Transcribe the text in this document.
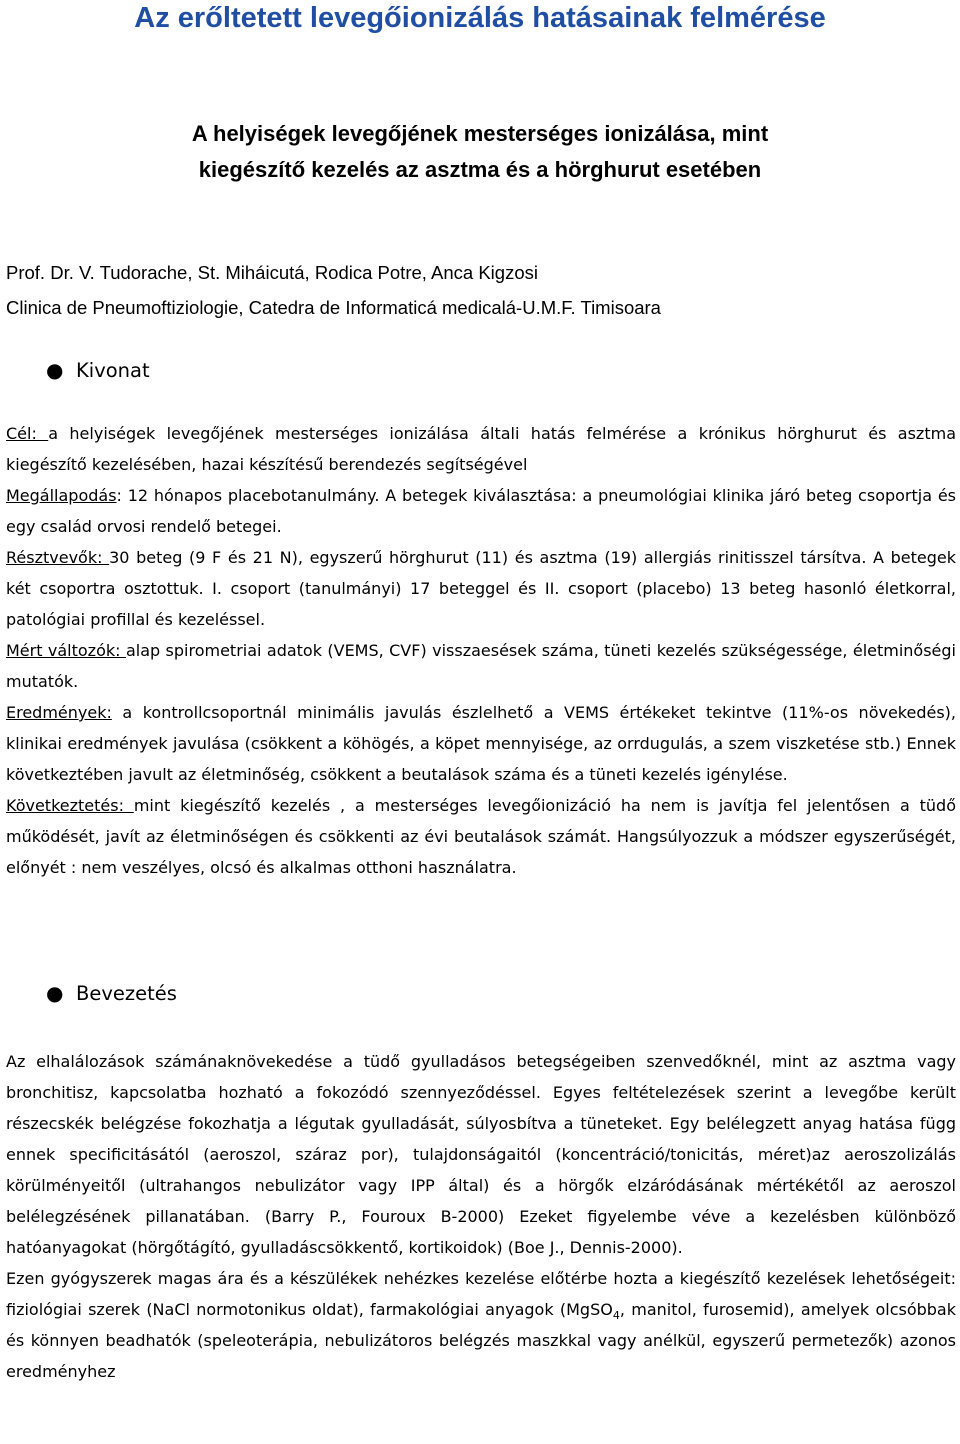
Az erőltetett levegőionizálás hatásainak felmérése
A helyiségek levegőjének mesterséges ionizálása, mint
kiegészítő kezelés az asztma és a hörghurut esetében
Prof. Dr. V. Tudorache, St. Miháicutá, Rodica Potre, Anca Kigzosi
Clinica de Pneumoftiziologie, Catedra de Informaticá medicalá-U.M.F. Timisoara
● Kivonat

Cél: a helyiségek levegőjének mesterséges ionizálása általi hatás felmérése a krónikus hörghurut és asztma kiegészítő kezelésében, hazai készítésű berendezés segítségével

Megállapodás: 12 hónapos placebotanulmány. A betegek kiválasztása: a pneumológiai klinika járó beteg csoportja és egy család orvosi rendelő betegei.

Résztvevők: 30 beteg (9 F és 21 N), egyszerű hörghurut (11) és asztma (19) allergiás rinitisszel társítva. A betegek két csoportra osztottuk. I. csoport (tanulmányi) 17 beteggel és II. csoport (placebo) 13 beteg hasonló életkorral, patológiai profillal és kezeléssel.

Mért változók: alap spirometriai adatok (VEMS, CVF) visszaesések száma, tüneti kezelés szükségessége, életminőségi mutatók.

Eredmények: a kontrollcsoportnál minimális javulás észlelhető a VEMS értékeket tekintve (11%-os növekedés), klinikai eredmények javulása (csökkent a köhögés, a köpet mennyisége, az orrdugulás, a szem viszketése stb.) Ennek következtében javult az életminőség, csökkent a beutalások száma és a tüneti kezelés igénylése.

Következtetés: mint kiegészítő kezelés , a mesterséges levegőionizáció ha nem is javítja fel jelentősen a tüdő működését, javít az életminőségen és csökkenti az évi beutalások számát. Hangsúlyozzuk a módszer egyszerűségét, előnyét : nem veszélyes, olcsó és alkalmas otthoni használatra.

● Bevezetés

Az elhalálozások számánaknövekedése a tüdő gyulladásos betegségeiben szenvedőknél, mint az asztma vagy bronchitisz, kapcsolatba hozható a fokozódó szennyeződéssel. Egyes feltételezések szerint a levegőbe került részecskék belégzése fokozhatja a légutak gyulladását, súlyosbítva a tüneteket. Egy belélegzett anyag hatása függ ennek specificitásától (aeroszol, száraz por), tulajdonságaitól (koncentráció/tonicitás, méret)az aeroszolizálás körülményeitől (ultrahangos nebulizátor vagy IPP által) és a hörgők elzáródásának mértékétől az aeroszol belélegzésének pillanatában. (Barry P., Fouroux B-2000) Ezeket figyelembe véve a kezelésben különböző hatóanyagokat (hörgőtágító, gyulladáscsökkentő, kortikoidok) (Boe J., Dennis-2000).

Ezen gyógyszerek magas ára és a készülékek nehézkes kezelése előtérbe hozta a kiegészítő kezelések lehetőségeit: fiziológiai szerek (NaCl normotonikus oldat), farmakológiai anyagok (MgSO$_4$, manitol, furosemid), amelyek olcsóbbak és könnyen beadhatók (speleoterápia, nebulizátoros belégzés maszkkal vagy anélkül, egyszerű permetezők) azonos eredményhez
